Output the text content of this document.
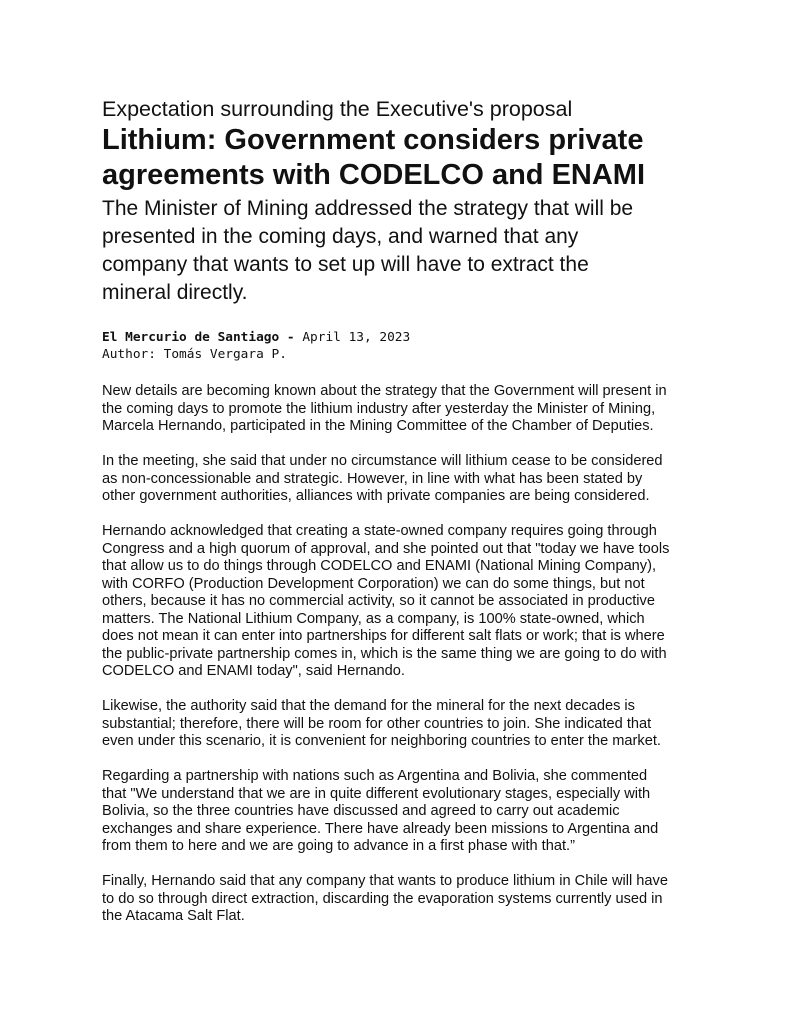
Expectation surrounding the Executive's proposal
Lithium: Government considers private
agreements with CODELCO and ENAMI
The Minister of Mining addressed the strategy that will be
presented in the coming days, and warned that any
company that wants to set up will have to extract the
mineral directly.
El Mercurio de Santiago - April 13, 2023
Author: Tomás Vergara P.

New details are becoming known about the strategy that the Government will present in
the coming days to promote the lithium industry after yesterday the Minister of Mining,
Marcela Hernando, participated in the Mining Committee of the Chamber of Deputies.

In the meeting, she said that under no circumstance will lithium cease to be considered
as non-concessionable and strategic. However, in line with what has been stated by
other government authorities, alliances with private companies are being considered.

Hernando acknowledged that creating a state-owned company requires going through
Congress and a high quorum of approval, and she pointed out that "today we have tools
that allow us to do things through CODELCO and ENAMI (National Mining Company),
with CORFO (Production Development Corporation) we can do some things, but not
others, because it has no commercial activity, so it cannot be associated in productive
matters. The National Lithium Company, as a company, is 100% state-owned, which
does not mean it can enter into partnerships for different salt flats or work; that is where
the public-private partnership comes in, which is the same thing we are going to do with
CODELCO and ENAMI today", said Hernando.

Likewise, the authority said that the demand for the mineral for the next decades is
substantial; therefore, there will be room for other countries to join. She indicated that
even under this scenario, it is convenient for neighboring countries to enter the market.

Regarding a partnership with nations such as Argentina and Bolivia, she commented
that "We understand that we are in quite different evolutionary stages, especially with
Bolivia, so the three countries have discussed and agreed to carry out academic
exchanges and share experience. There have already been missions to Argentina and
from them to here and we are going to advance in a first phase with that.”

Finally, Hernando said that any company that wants to produce lithium in Chile will have
to do so through direct extraction, discarding the evaporation systems currently used in
the Atacama Salt Flat.
